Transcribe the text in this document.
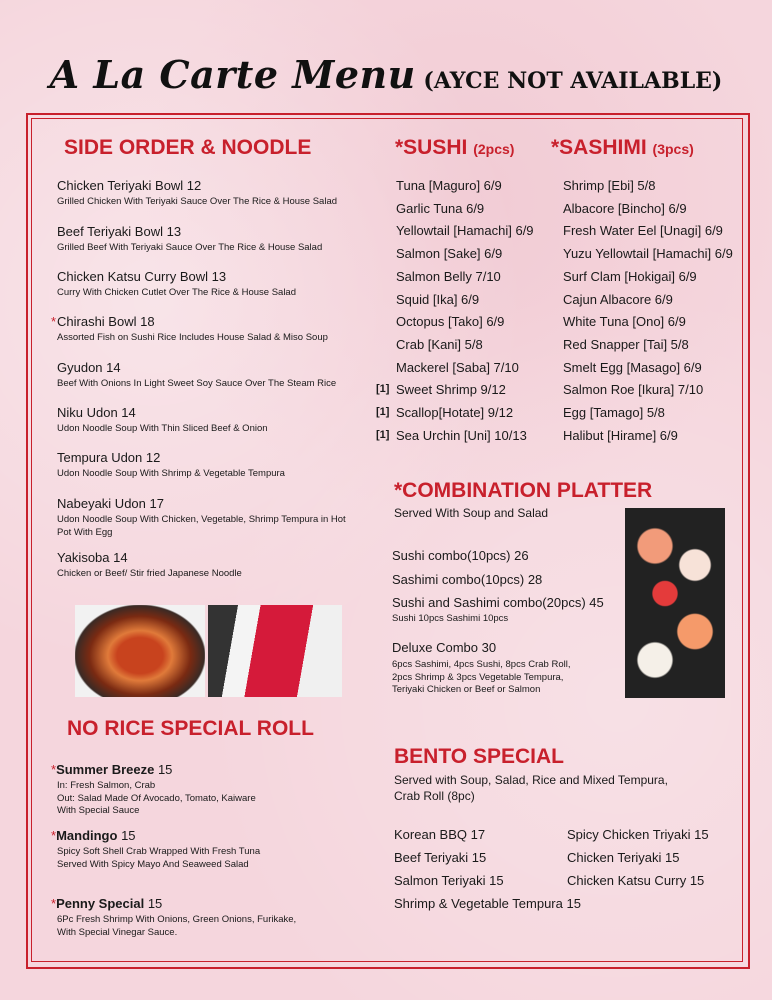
A La Carte Menu (AYCE NOT AVAILABLE)
SIDE ORDER & NOODLE
Chicken Teriyaki Bowl 12
Grilled Chicken With Teriyaki Sauce Over The Rice & House Salad
Beef Teriyaki Bowl 13
Grilled Beef With Teriyaki Sauce Over The Rice & House Salad
Chicken Katsu Curry Bowl 13
Curry With Chicken Cutlet Over The Rice & House Salad
* Chirashi Bowl 18
Assorted Fish on Sushi Rice Includes House Salad & Miso Soup
Gyudon 14
Beef With Onions In Light Sweet Soy Sauce Over The Steam Rice
Niku Udon 14
Udon Noodle Soup With Thin Sliced Beef & Onion
Tempura Udon 12
Udon Noodle Soup With Shrimp & Vegetable Tempura
Nabeyaki Udon 17
Udon Noodle Soup With Chicken, Vegetable, Shrimp Tempura in Hot
Pot With Egg
Yakisoba 14
Chicken or Beef/ Stir fried Japanese Noodle
*SUSHI (2pcs)
Tuna [Maguro] 6/9
Garlic Tuna 6/9
Yellowtail [Hamachi] 6/9
Salmon [Sake] 6/9
Salmon Belly 7/10
Squid [Ika] 6/9
Octopus [Tako] 6/9
Crab [Kani] 5/8
Mackerel [Saba] 7/10
[1] Sweet Shrimp 9/12
[1] Scallop[Hotate] 9/12
[1] Sea Urchin [Uni] 10/13
*SASHIMI (3pcs)
Shrimp [Ebi] 5/8
Albacore [Bincho] 6/9
Fresh Water Eel [Unagi] 6/9
Yuzu Yellowtail [Hamachi] 6/9
Surf Clam [Hokigai] 6/9
Cajun Albacore 6/9
White Tuna [Ono] 6/9
Red Snapper [Tai] 5/8
Smelt Egg [Masago] 6/9
Salmon Roe [Ikura] 7/10
Egg [Tamago] 5/8
Halibut [Hirame] 6/9
*COMBINATION PLATTER
Served With Soup and Salad
Sushi combo(10pcs) 26
Sashimi combo(10pcs) 28
Sushi and Sashimi combo(20pcs) 45
Sushi 10pcs Sashimi 10pcs
Deluxe Combo 30
6pcs Sashimi, 4pcs Sushi, 8pcs Crab Roll,
2pcs Shrimp & 3pcs Vegetable Tempura,
Teriyaki Chicken or Beef or Salmon
NO RICE SPECIAL ROLL
*Summer Breeze 15
In: Fresh Salmon, Crab
Out: Salad Made Of Avocado, Tomato, Kaiware
With Special Sauce
*Mandingo 15
Spicy Soft Shell Crab Wrapped With Fresh Tuna
Served With Spicy Mayo And Seaweed Salad
*Penny Special 15
6Pc Fresh Shrimp With Onions, Green Onions, Furikake,
With Special Vinegar Sauce.
BENTO SPECIAL
Served with Soup, Salad, Rice and Mixed Tempura,
Crab Roll (8pc)
Korean BBQ 17
Beef Teriyaki 15
Salmon Teriyaki 15
Shrimp & Vegetable Tempura 15
Spicy Chicken Triyaki 15
Chicken Teriyaki 15
Chicken Katsu Curry 15
